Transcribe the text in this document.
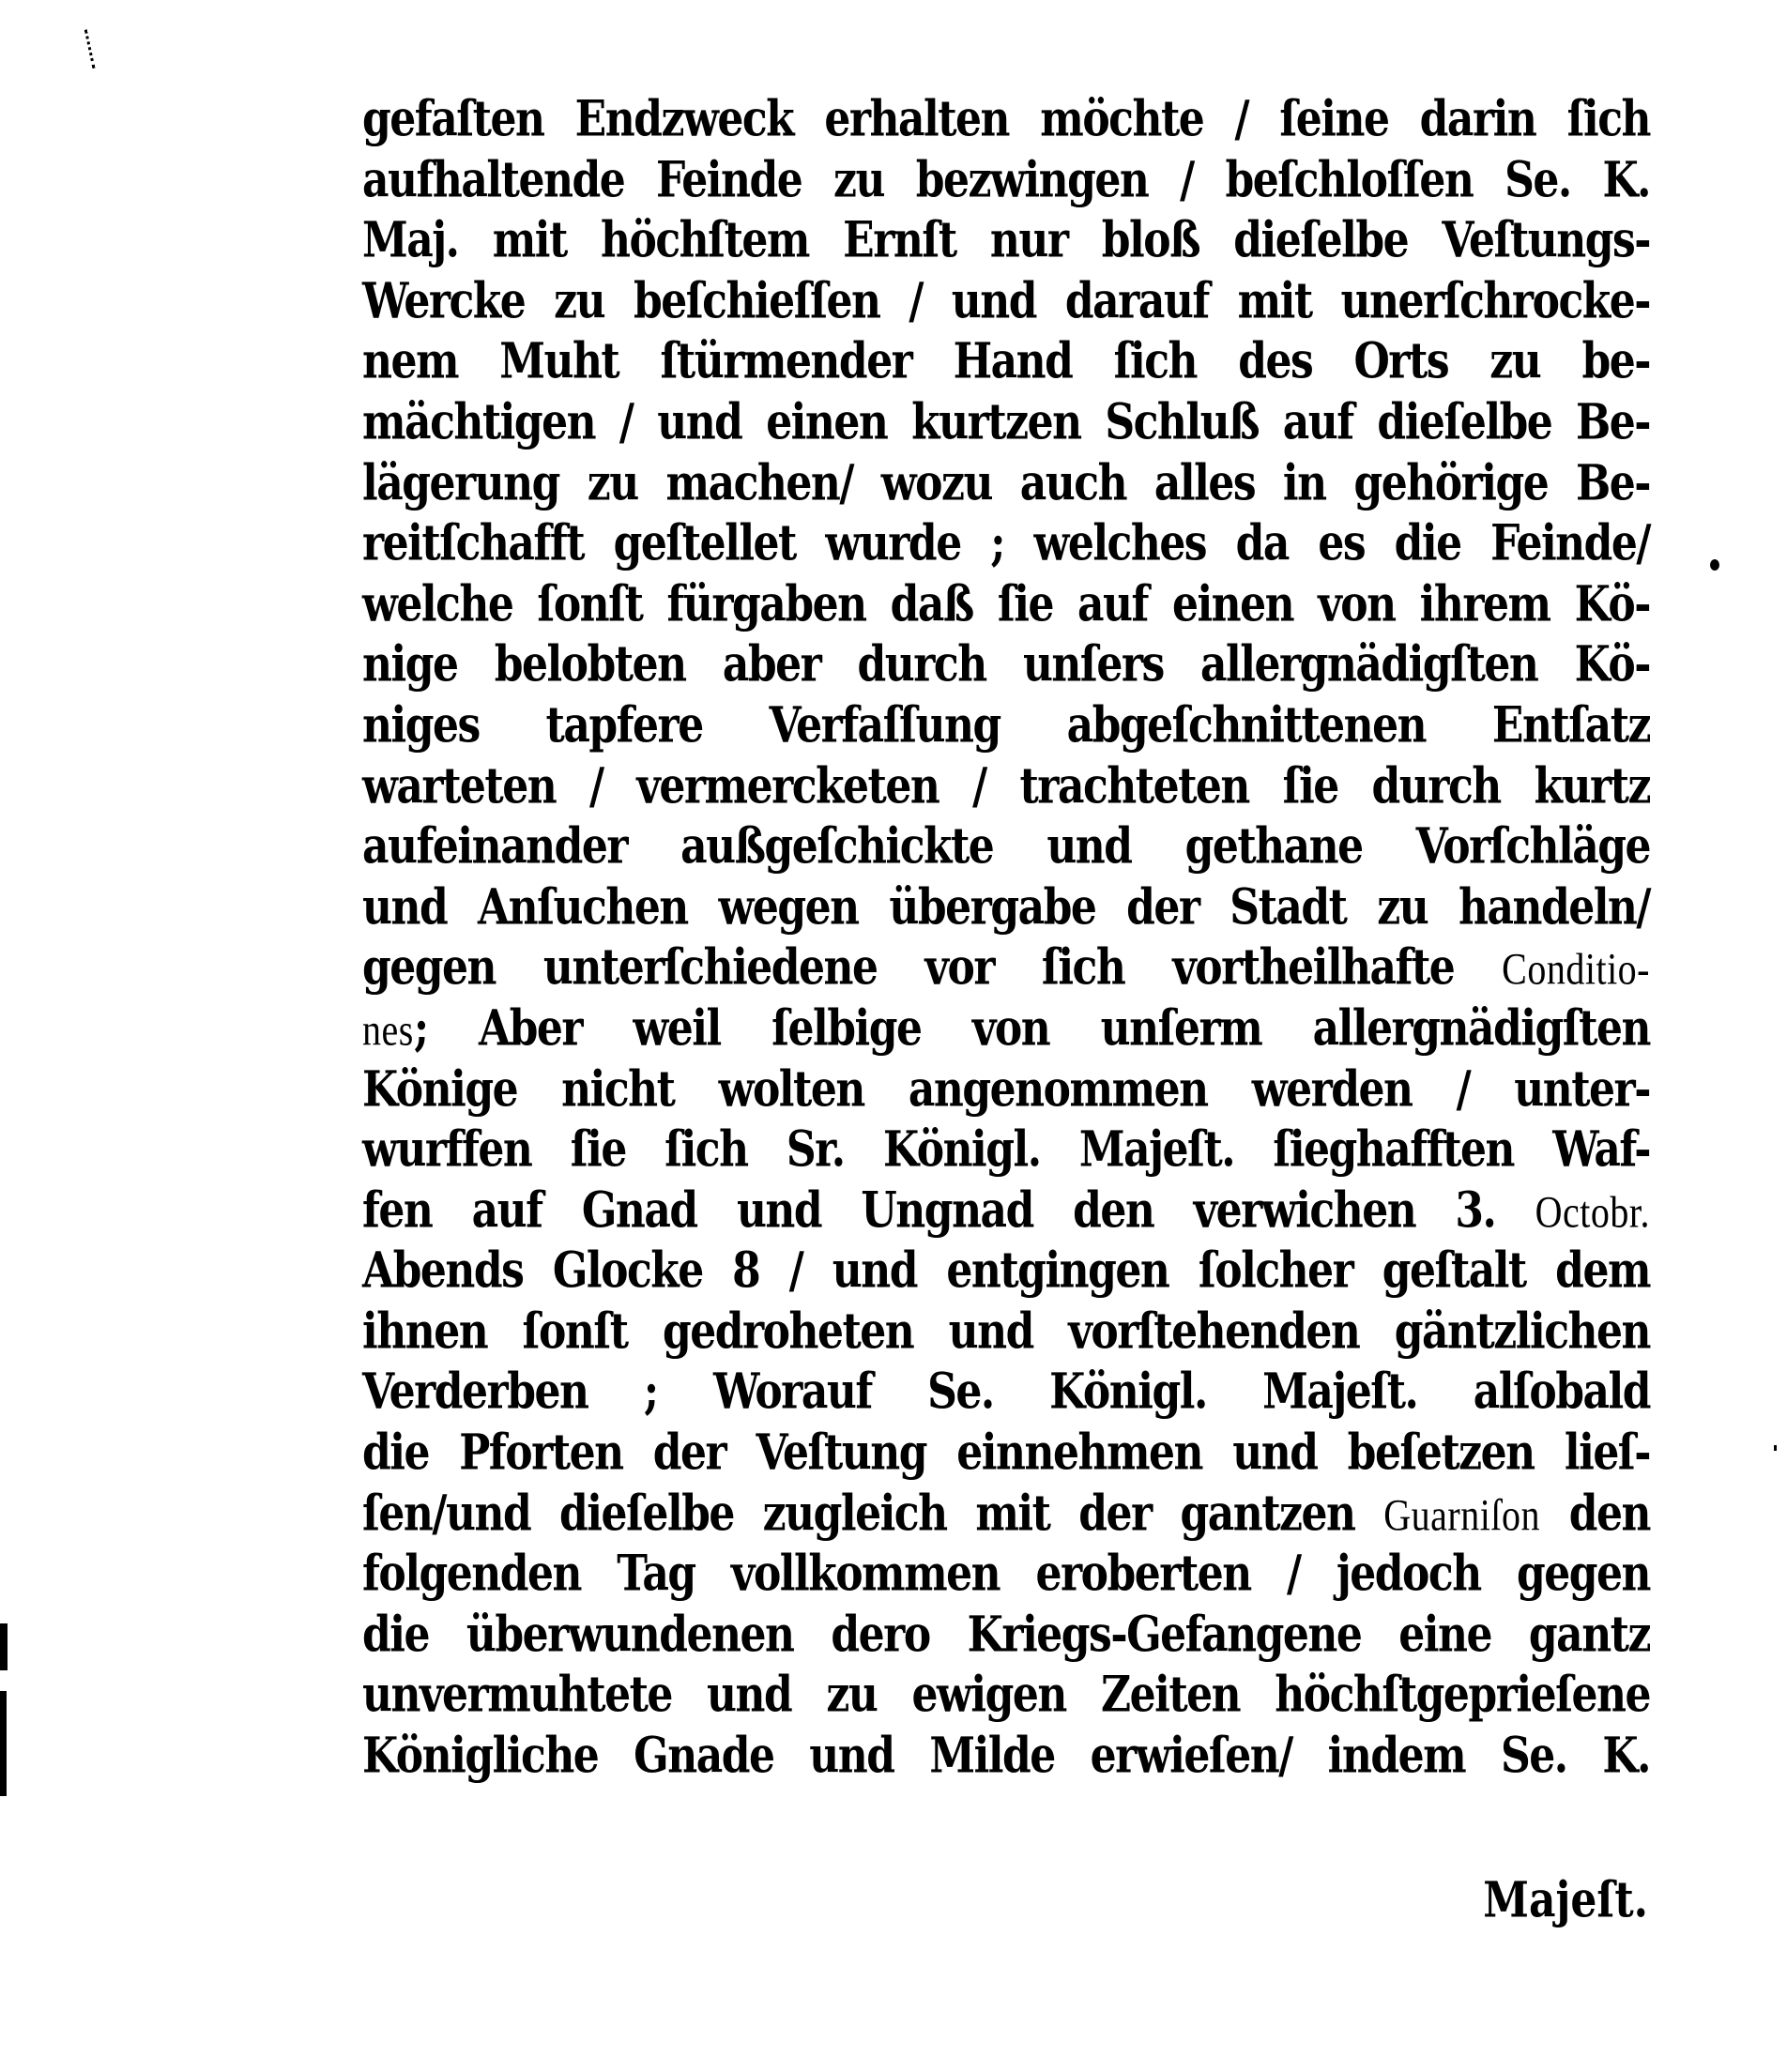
gefaſten Endzweck erhalten möchte / ſeine darin ſich
aufhaltende Feinde zu bezwingen / beſchloſſen Se. K.
Maj. mit höchſtem Ernſt nur bloß dieſelbe Veſtungs-
Wercke zu beſchieſſen / und darauf mit unerſchrocke-
nem Muht ſtürmender Hand ſich des Orts zu be-
mächtigen / und einen kurtzen Schluß auf dieſelbe Be-
lägerung zu machen/ wozu auch alles in gehörige Be-
reitſchafft geſtellet wurde ; welches da es die Feinde/
welche ſonſt fürgaben daß ſie auf einen von ihrem Kö-
nige belobten aber durch unſers allergnädigſten Kö-
niges tapfere Verfaſſung abgeſchnittenen Entſatz
warteten / vermercketen / trachteten ſie durch kurtz
aufeinander außgeſchickte und gethane Vorſchläge
und Anſuchen wegen übergabe der Stadt zu handeln/
gegen unterſchiedene vor ſich vortheilhafte Conditio-
nes; Aber weil ſelbige von unſerm allergnädigſten
Könige nicht wolten angenommen werden / unter-
wurffen ſie ſich Sr. Königl. Majeſt. ſieghafften Waf-
fen auf Gnad und Ungnad den verwichen 3. Octobr.
Abends Glocke 8 / und entgingen ſolcher geſtalt dem
ihnen ſonſt gedroheten und vorſtehenden gäntzlichen
Verderben ; Worauf Se. Königl. Majeſt. alſobald
die Pforten der Veſtung einnehmen und beſetzen lieſ-
ſen/und dieſelbe zugleich mit der gantzen Guarniſon den
folgenden Tag vollkommen eroberten / jedoch gegen
die überwundenen dero Kriegs-Gefangene eine gantz
unvermuhtete und zu ewigen Zeiten höchſtgeprieſene
Königliche Gnade und Milde erwieſen/ indem Se. K.
Majeſt.
